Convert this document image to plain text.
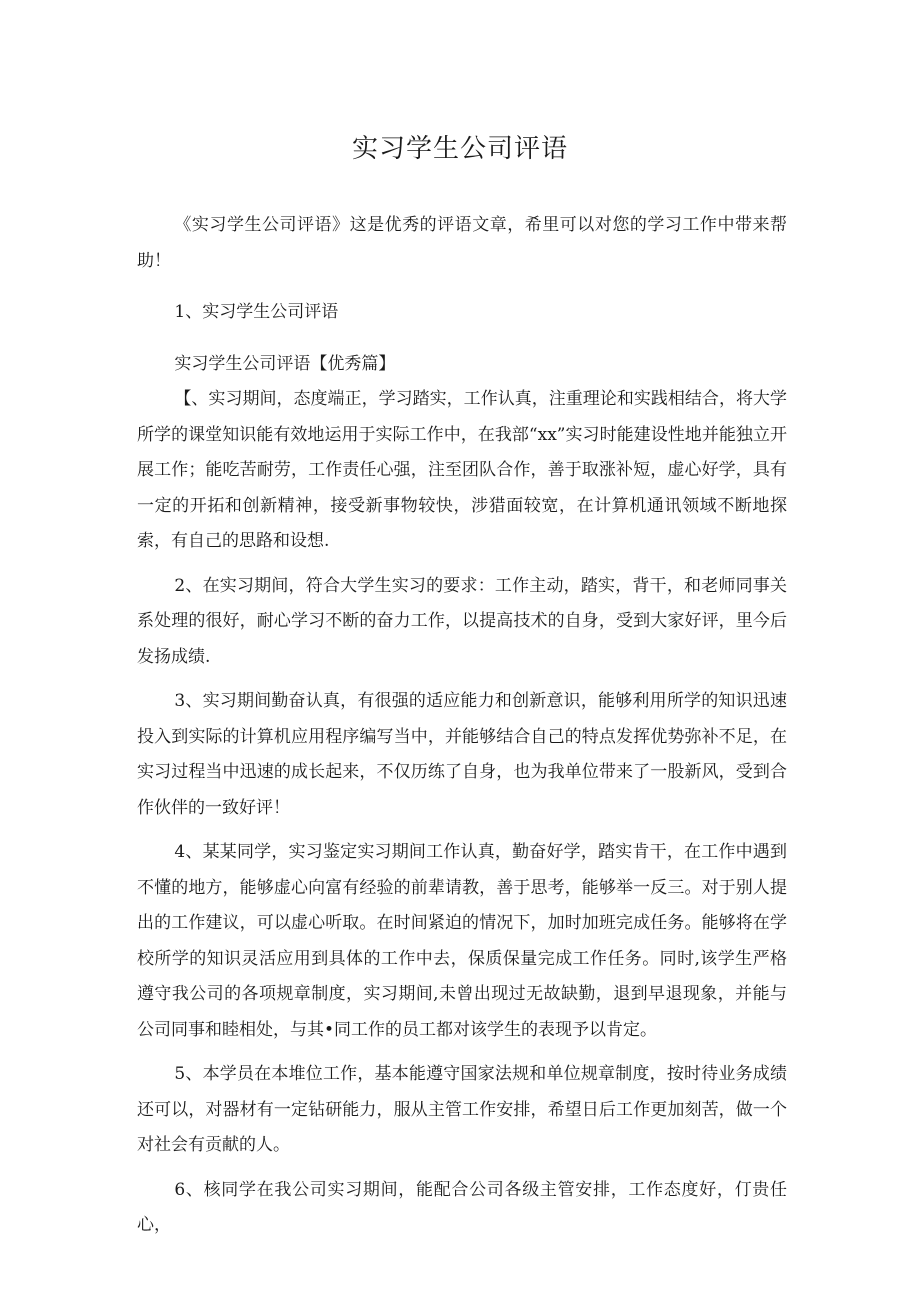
实习学生公司评语

《实习学生公司评语》这是优秀的评语文章，希里可以对您的学习工作中带来帮助！

1、实习学生公司评语

实习学生公司评语【优秀篇】

【、实习期间，态度端正，学习踏实，工作认真，注重理论和实践相结合，将大学所学的课堂知识能有效地运用于实际工作中，在我部“xx”实习时能建设性地并能独立开展工作；能吃苦耐劳，工作责任心强，注至团队合作，善于取涨补短，虚心好学，具有一定的开拓和创新精神，接受新事物较快，涉猎面较宽，在计算机通讯领域不断地探索，有自己的思路和设想.

2、在实习期间，符合大学生实习的要求：工作主动，踏实，背干，和老师同事关系处理的很好，耐心学习不断的奋力工作，以提高技术的自身，受到大家好评，里今后发扬成绩.

3、实习期间勤奋认真，有很强的适应能力和创新意识，能够利用所学的知识迅速投入到实际的计算机应用程序编写当中，并能够结合自己的特点发挥优势弥补不足，在实习过程当中迅速的成长起来，不仅历练了自身，也为我单位带来了一股新风，受到合作伙伴的一致好评！

4、某某同学，实习鉴定实习期间工作认真，勤奋好学，踏实肯干，在工作中遇到不懂的地方，能够虚心向富有经验的前辈请教，善于思考，能够举一反三。对于别人提出的工作建议，可以虚心听取。在时间紧迫的情况下，加时加班完成任务。能够将在学校所学的知识灵活应用到具体的工作中去，保质保量完成工作任务。同时,该学生严格遵守我公司的各项规章制度，实习期间,未曾出现过无故缺勤，退到早退现象，并能与公司同事和睦相处，与其•同工作的员工都对该学生的表现予以肯定。

5、本学员在本堆位工作，基本能遵守国家法规和单位规章制度，按时待业务成绩还可以，对器材有一定钻研能力，服从主管工作安排，希望日后工作更加刻苦，做一个对社会有贡献的人。

6、核同学在我公司实习期间，能配合公司各级主管安排，工作态度好，仃贵任心，
